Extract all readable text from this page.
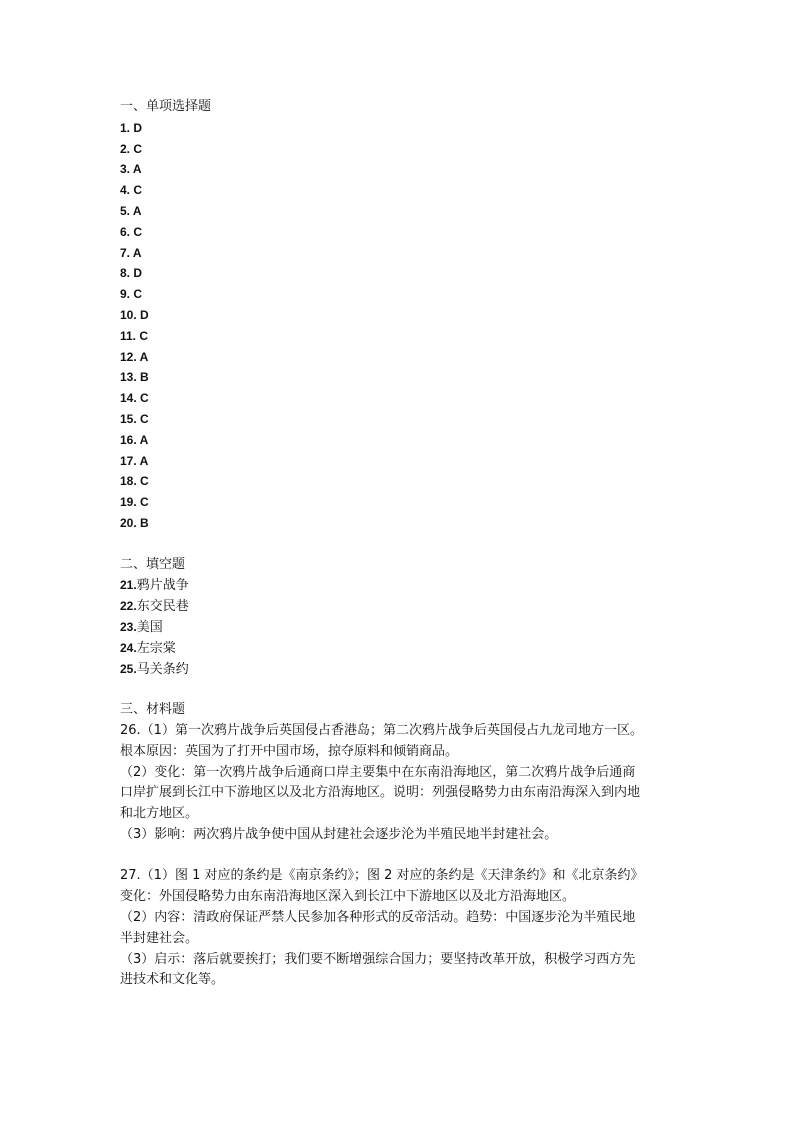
一、单项选择题
1. D
2. C
3. A
4. C
5. A
6. C
7. A
8. D
9. C
10. D
11. C
12. A
13. B
14. C
15. C
16. A
17. A
18. C
19. C
20. B
二、填空题
21.鸦片战争
22.东交民巷
23.美国
24.左宗棠
25.马关条约
三、材料题
26.（1）第一次鸦片战争后英国侵占香港岛；第二次鸦片战争后英国侵占九龙司地方一区。
根本原因：英国为了打开中国市场，掠夺原料和倾销商品。
（2）变化：第一次鸦片战争后通商口岸主要集中在东南沿海地区，第二次鸦片战争后通商
口岸扩展到长江中下游地区以及北方沿海地区。说明：列强侵略势力由东南沿海深入到内地
和北方地区。
（3）影响：两次鸦片战争使中国从封建社会逐步沦为半殖民地半封建社会。
27.（1）图 1 对应的条约是《南京条约》；图 2 对应的条约是《天津条约》和《北京条约》
变化：外国侵略势力由东南沿海地区深入到长江中下游地区以及北方沿海地区。
（2）内容：清政府保证严禁人民参加各种形式的反帝活动。趋势：中国逐步沦为半殖民地
半封建社会。
（3）启示：落后就要挨打；我们要不断增强综合国力；要坚持改革开放，积极学习西方先
进技术和文化等。
